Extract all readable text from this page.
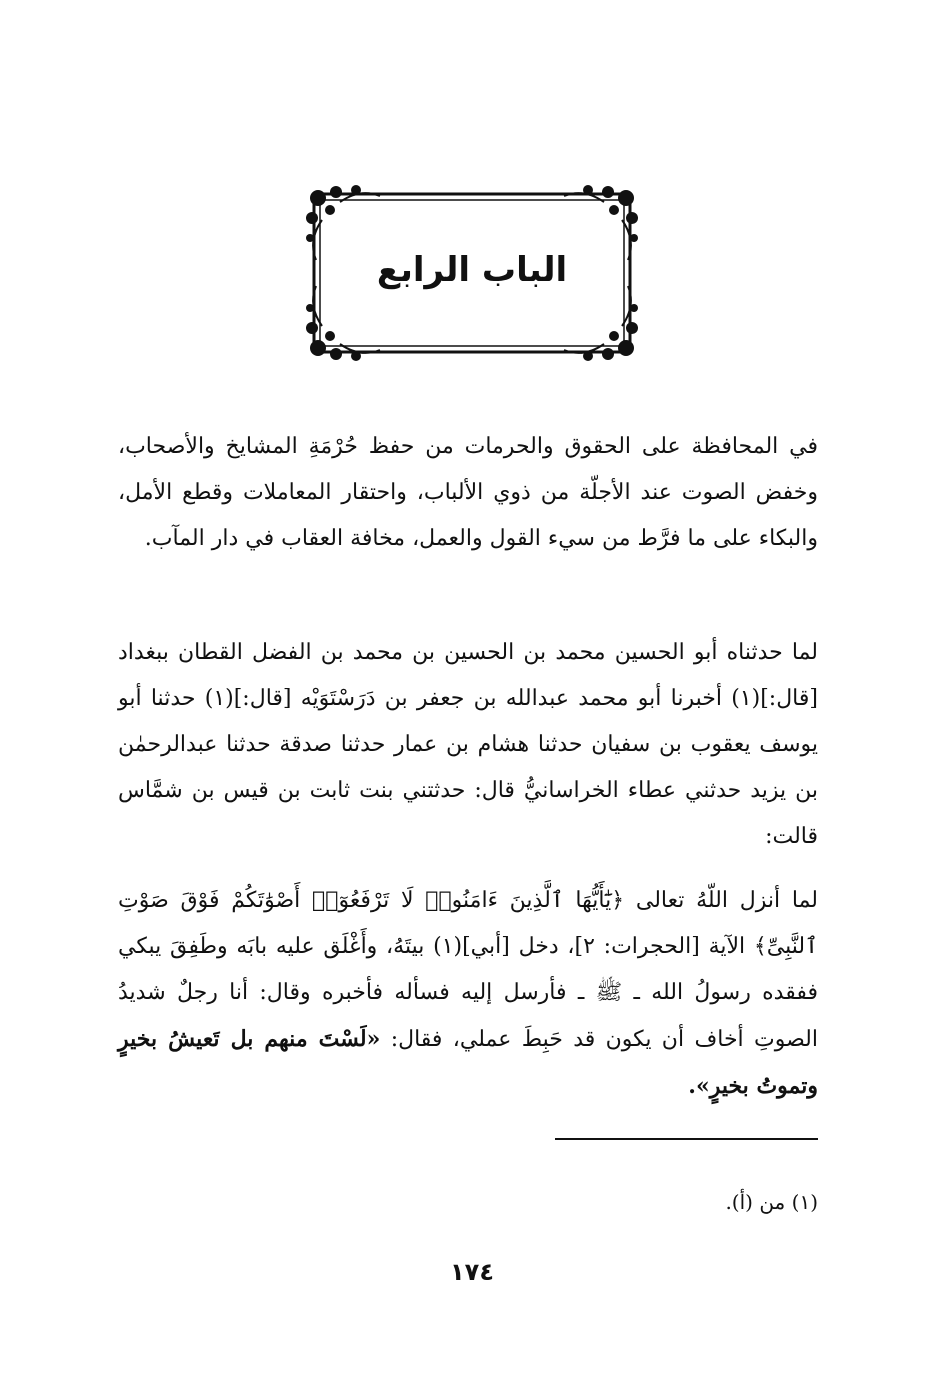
الباب الرابع

في المحافظة على الحقوق والحرمات من حفظ حُرْمَةِ المشايخ والأصحاب، وخفض الصوت عند الأجلّة من ذوي الألباب، واحتقار المعاملات وقطع الأمل، والبكاء على ما فرَّط من سيء القول والعمل، مخافة العقاب في دار المآب.

لما حدثناه أبو الحسين محمد بن الحسين بن محمد بن الفضل القطان ببغداد [قال:](١) أخبرنا أبو محمد عبدالله بن جعفر بن دَرَسْتَوَيْه [قال:](١) حدثنا أبو يوسف يعقوب بن سفيان حدثنا هشام بن عمار حدثنا صدقة حدثنا عبدالرحمٰن بن يزيد حدثني عطاء الخراسانيُّ قال: حدثتني بنت ثابت بن قيس بن شمَّاس قالت:

لما أنزل اللّهُ تعالى ﴿يَٰٓأَيُّهَا ٱلَّذِينَ ءَامَنُوا۟ لَا تَرْفَعُوٓا۟ أَصْوَٰتَكُمْ فَوْقَ صَوْتِ ٱلنَّبِىِّ﴾ الآية [الحجرات: ٢]، دخل [أبي](١) بيتَهُ، وأَغْلَق عليه بابَه وطَفِقَ يبكي ففقده رسولُ الله ـ ﷺ ـ فأرسل إليه فسأله فأخبره وقال: أنا رجلٌ شديدُ الصوتِ أخاف أن يكون قد حَبِطَ عملي، فقال: «لَسْتَ منهم بل تَعيشُ بخيرٍ وتموتُ بخيرٍ».

(١) من (أ).
١٧٤
